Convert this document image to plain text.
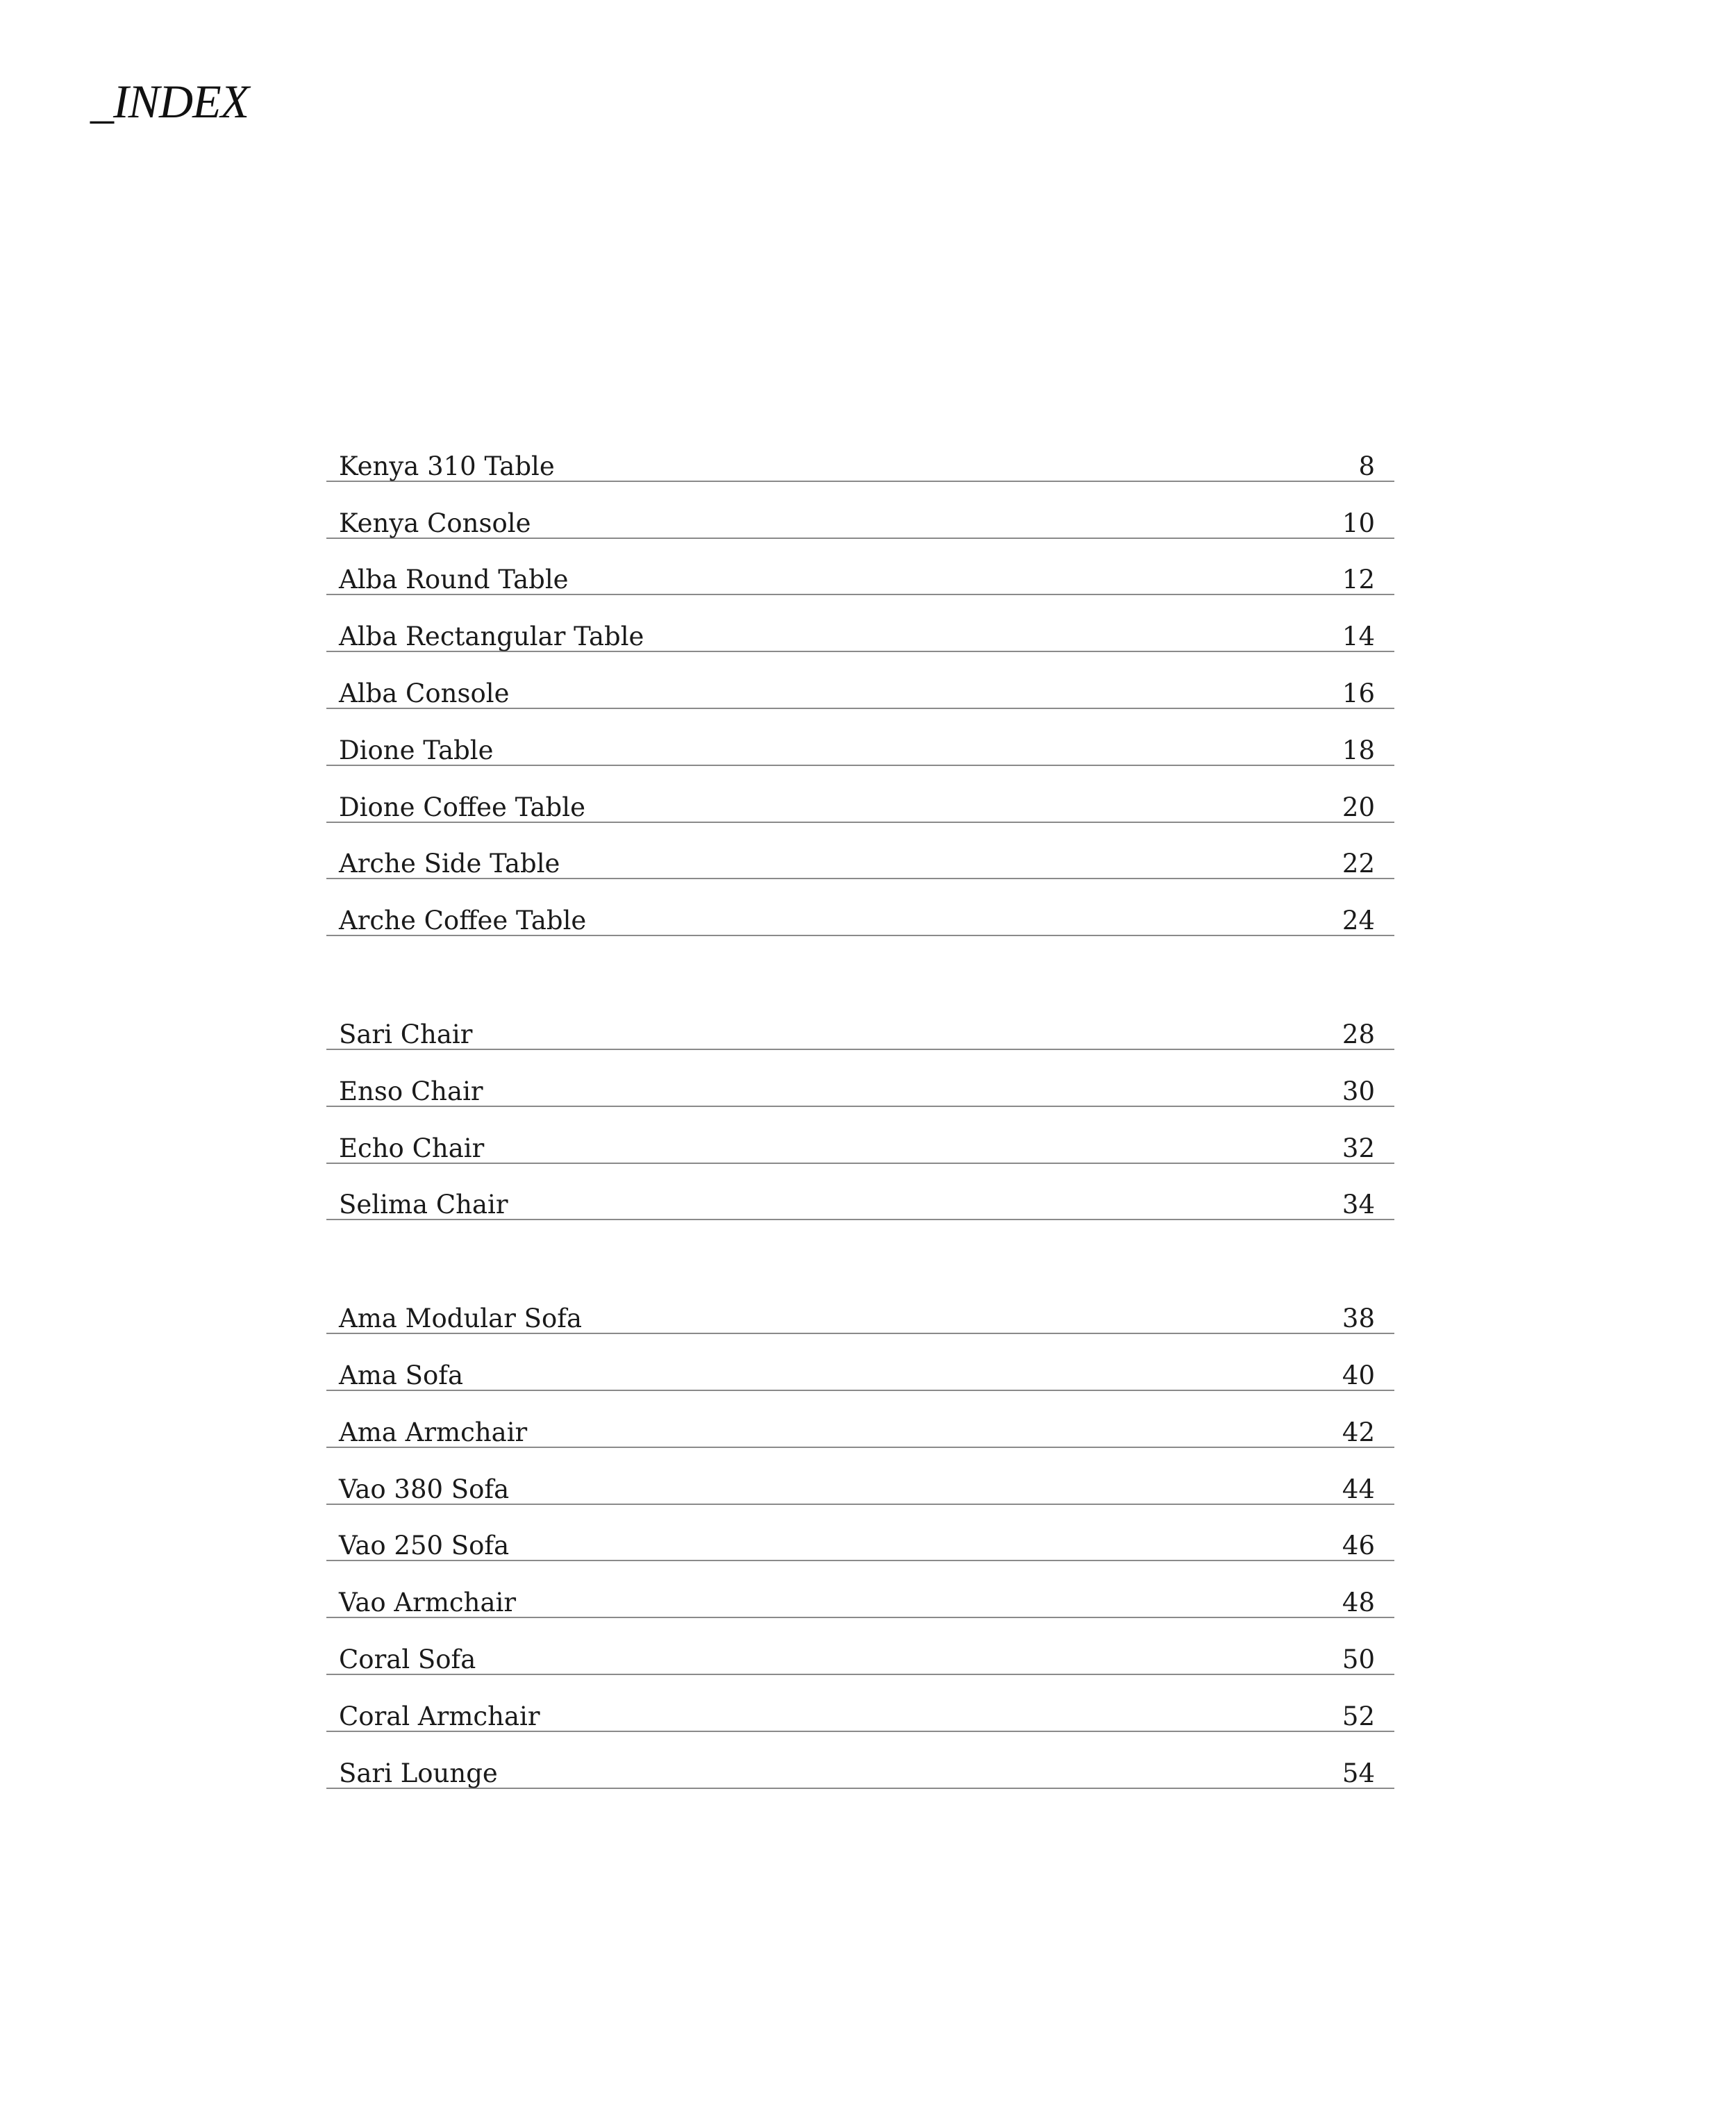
_INDEX
Kenya 310 Table	8
Kenya Console	10
Alba Round Table	12
Alba Rectangular Table	14
Alba Console	16
Dione Table	18
Dione Coffee Table	20
Arche Side Table	22
Arche Coffee Table	24
Sari Chair	28
Enso Chair	30
Echo Chair	32
Selima Chair	34
Ama Modular Sofa	38
Ama Sofa	40
Ama Armchair	42
Vao 380 Sofa	44
Vao 250 Sofa	46
Vao Armchair	48
Coral Sofa	50
Coral Armchair	52
Sari Lounge	54
